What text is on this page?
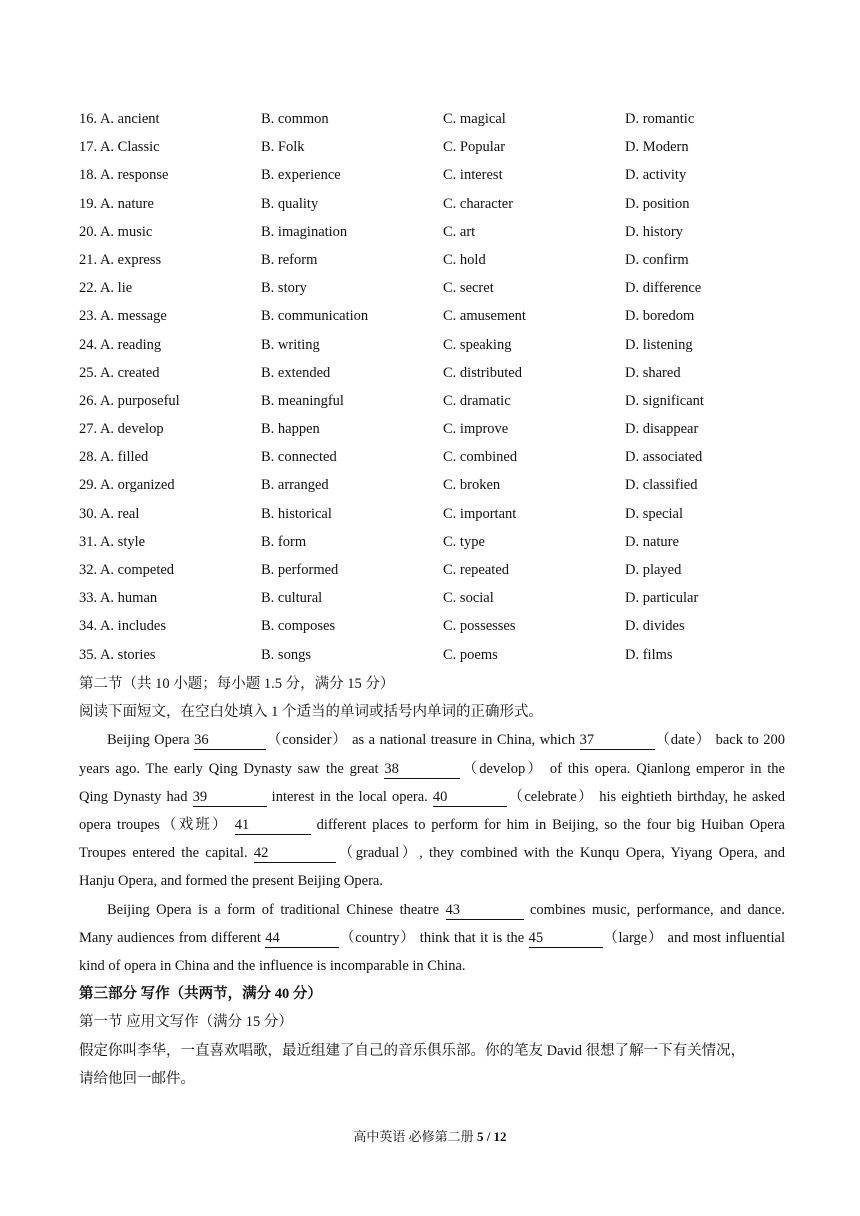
16. A. ancient	B. common	C. magical	D. romantic
17. A. Classic	B. Folk	C. Popular	D. Modern
18. A. response	B. experience	C. interest	D. activity
19. A. nature	B. quality	C. character	D. position
20. A. music	B. imagination	C. art	D. history
21. A. express	B. reform	C. hold	D. confirm
22. A. lie	B. story	C. secret	D. difference
23. A. message	B. communication	C. amusement	D. boredom
24. A. reading	B. writing	C. speaking	D. listening
25. A. created	B. extended	C. distributed	D. shared
26. A. purposeful	B. meaningful	C. dramatic	D. significant
27. A. develop	B. happen	C. improve	D. disappear
28. A. filled	B. connected	C. combined	D. associated
29. A. organized	B. arranged	C. broken	D. classified
30. A. real	B. historical	C. important	D. special
31. A. style	B. form	C. type	D. nature
32. A. competed	B. performed	C. repeated	D. played
33. A. human	B. cultural	C. social	D. particular
34. A. includes	B. composes	C. possesses	D. divides
35. A. stories	B. songs	C. poems	D. films
第二节（共 10 小题；每小题 1.5 分，满分 15 分）
阅读下面短文，在空白处填入 1 个适当的单词或括号内单词的正确形式。
Beijing Opera 36	（consider） as a national treasure in China, which 37	（date） back to 200
years ago. The early Qing Dynasty saw the great 38	（develop） of this opera. Qianlong emperor in the
Qing Dynasty had 39	interest in the local opera. 40	（celebrate） his eightieth birthday, he asked
opera troupes（戏班） 41	different places to perform for him in Beijing, so the four big Huiban Opera
Troupes entered the capital. 42	（gradual）, they combined with the Kunqu Opera, Yiyang Opera, and
Hanju Opera, and formed the present Beijing Opera.
Beijing Opera is a form of traditional Chinese theatre 43	combines music, performance, and dance.
Many audiences from different 44	（country） think that it is the 45	（large） and most influential
kind of opera in China and the influence is incomparable in China.
第三部分 写作（共两节，满分 40 分）
第一节 应用文写作（满分 15 分）
假定你叫李华，一直喜欢唱歌，最近组建了自己的音乐俱乐部。你的笔友 David 很想了解一下有关情况，
请给他回一邮件。
高中英语 必修第二册 5 / 12
